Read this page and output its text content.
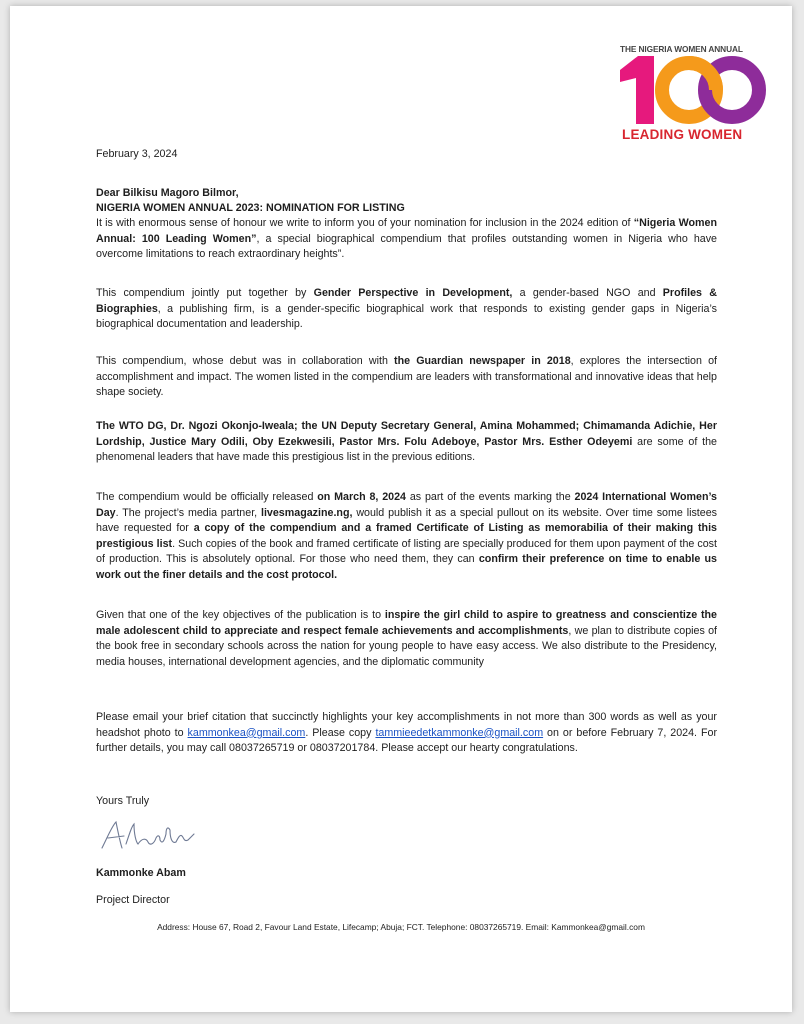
THE NIGERIA WOMEN ANNUAL
LEADING WOMEN
February 3, 2024
Dear Bilkisu Magoro Bilmor,
NIGERIA WOMEN ANNUAL 2023: NOMINATION FOR LISTING
It is with enormous sense of honour we write to inform you of your nomination for inclusion in the 2024 edition of “Nigeria Women Annual: 100 Leading Women”, a special biographical compendium that profiles outstanding women in Nigeria who have overcome limitations to reach extraordinary heights”.
This compendium jointly put together by Gender Perspective in Development, a gender-based NGO and Profiles & Biographies, a publishing firm, is a gender-specific biographical work that responds to existing gender gaps in Nigeria’s biographical documentation and leadership.
This compendium, whose debut was in collaboration with the Guardian newspaper in 2018, explores the intersection of accomplishment and impact. The women listed in the compendium are leaders with transformational and innovative ideas that help shape society.
The WTO DG, Dr. Ngozi Okonjo-Iweala; the UN Deputy Secretary General, Amina Mohammed; Chimamanda Adichie, Her Lordship, Justice Mary Odili, Oby Ezekwesili, Pastor Mrs. Folu Adeboye, Pastor Mrs. Esther Odeyemi are some of the phenomenal leaders that have made this prestigious list in the previous editions.
The compendium would be officially released on March 8, 2024 as part of the events marking the 2024 International Women’s Day. The project’s media partner, livesmagazine.ng, would publish it as a special pullout on its website. Over time some listees have requested for a copy of the compendium and a framed Certificate of Listing as memorabilia of their making this prestigious list. Such copies of the book and framed certificate of listing are specially produced for them upon payment of the cost of production. This is absolutely optional. For those who need them, they can confirm their preference on time to enable us work out the finer details and the cost protocol.
Given that one of the key objectives of the publication is to inspire the girl child to aspire to greatness and conscientize the male adolescent child to appreciate and respect female achievements and accomplishments, we plan to distribute copies of the book free in secondary schools across the nation for young people to have easy access. We also distribute to the Presidency, media houses, international development agencies, and the diplomatic community
Please email your brief citation that succinctly highlights your key accomplishments in not more than 300 words as well as your headshot photo to kammonkea@gmail.com. Please copy tammieedetkammonke@gmail.com on or before February 7, 2024. For further details, you may call 08037265719 or 08037201784. Please accept our hearty congratulations.
Yours Truly
Kammonke Abam
Project Director
Address: House 67, Road 2, Favour Land Estate, Lifecamp; Abuja; FCT. Telephone: 08037265719. Email: Kammonkea@gmail.com
